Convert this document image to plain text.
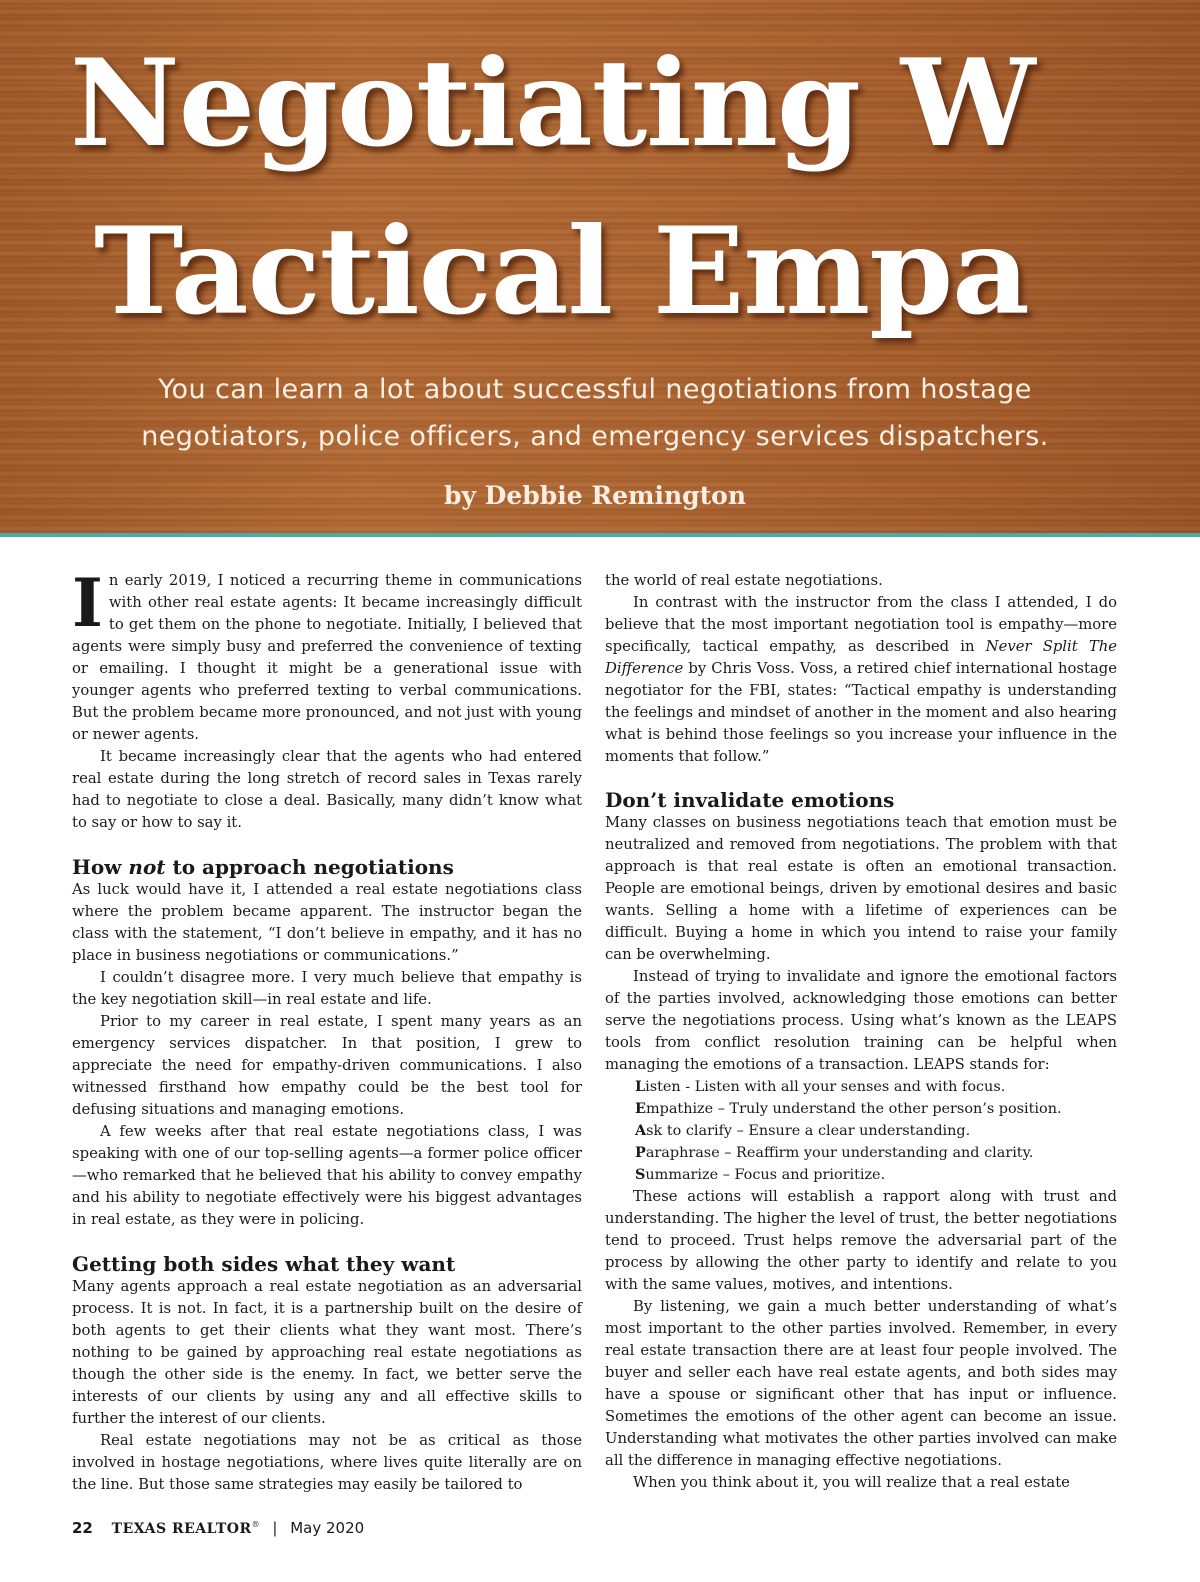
Negotiating W
Tactical Empa

You can learn a lot about successful negotiations from hostage
negotiators, police officers, and emergency services dispatchers.

by Debbie Remington

In early 2019, I noticed a recurring theme in communications with other real estate agents: It became increasingly difficult to get them on the phone to negotiate. Initially, I believed that agents were simply busy and preferred the convenience of texting or emailing. I thought it might be a generational issue with younger agents who preferred texting to verbal communications. But the problem became more pronounced, and not just with young or newer agents.

It became increasingly clear that the agents who had entered real estate during the long stretch of record sales in Texas rarely had to negotiate to close a deal. Basically, many didn’t know what to say or how to say it.

How not to approach negotiations

As luck would have it, I attended a real estate negotiations class where the problem became apparent. The instructor began the class with the statement, “I don’t believe in empathy, and it has no place in business negotiations or communications.”

I couldn’t disagree more. I very much believe that empathy is the key negotiation skill—in real estate and life.

Prior to my career in real estate, I spent many years as an emergency services dispatcher. In that position, I grew to appreciate the need for empathy-driven communications. I also witnessed firsthand how empathy could be the best tool for defusing situations and managing emotions.

A few weeks after that real estate negotiations class, I was speaking with one of our top-selling agents—a former police officer—who remarked that he believed that his ability to convey empathy and his ability to negotiate effectively were his biggest advantages in real estate, as they were in policing.

Getting both sides what they want

Many agents approach a real estate negotiation as an adversarial process. It is not. In fact, it is a partnership built on the desire of both agents to get their clients what they want most. There’s nothing to be gained by approaching real estate negotiations as though the other side is the enemy. In fact, we better serve the interests of our clients by using any and all effective skills to further the interest of our clients.

Real estate negotiations may not be as critical as those involved in hostage negotiations, where lives quite literally are on the line. But those same strategies may easily be tailored to

the world of real estate negotiations.

In contrast with the instructor from the class I attended, I do believe that the most important negotiation tool is empathy—more specifically, tactical empathy, as described in Never Split The Difference by Chris Voss. Voss, a retired chief international hostage negotiator for the FBI, states: “Tactical empathy is understanding the feelings and mindset of another in the moment and also hearing what is behind those feelings so you increase your influence in the moments that follow.”

Don’t invalidate emotions

Many classes on business negotiations teach that emotion must be neutralized and removed from negotiations. The problem with that approach is that real estate is often an emotional transaction. People are emotional beings, driven by emotional desires and basic wants. Selling a home with a lifetime of experiences can be difficult. Buying a home in which you intend to raise your family can be overwhelming.

Instead of trying to invalidate and ignore the emotional factors of the parties involved, acknowledging those emotions can better serve the negotiations process. Using what’s known as the LEAPS tools from conflict resolution training can be helpful when managing the emotions of a transaction. LEAPS stands for:

Listen - Listen with all your senses and with focus.
Empathize – Truly understand the other person’s position.
Ask to clarify – Ensure a clear understanding.
Paraphrase – Reaffirm your understanding and clarity.
Summarize – Focus and prioritize.

These actions will establish a rapport along with trust and understanding. The higher the level of trust, the better negotiations tend to proceed. Trust helps remove the adversarial part of the process by allowing the other party to identify and relate to you with the same values, motives, and intentions.

By listening, we gain a much better understanding of what’s most important to the other parties involved. Remember, in every real estate transaction there are at least four people involved. The buyer and seller each have real estate agents, and both sides may have a spouse or significant other that has input or influence. Sometimes the emotions of the other agent can become an issue. Understanding what motivates the other parties involved can make all the difference in managing effective negotiations.

When you think about it, you will realize that a real estate

22 TEXAS REALTOR® | May 2020
